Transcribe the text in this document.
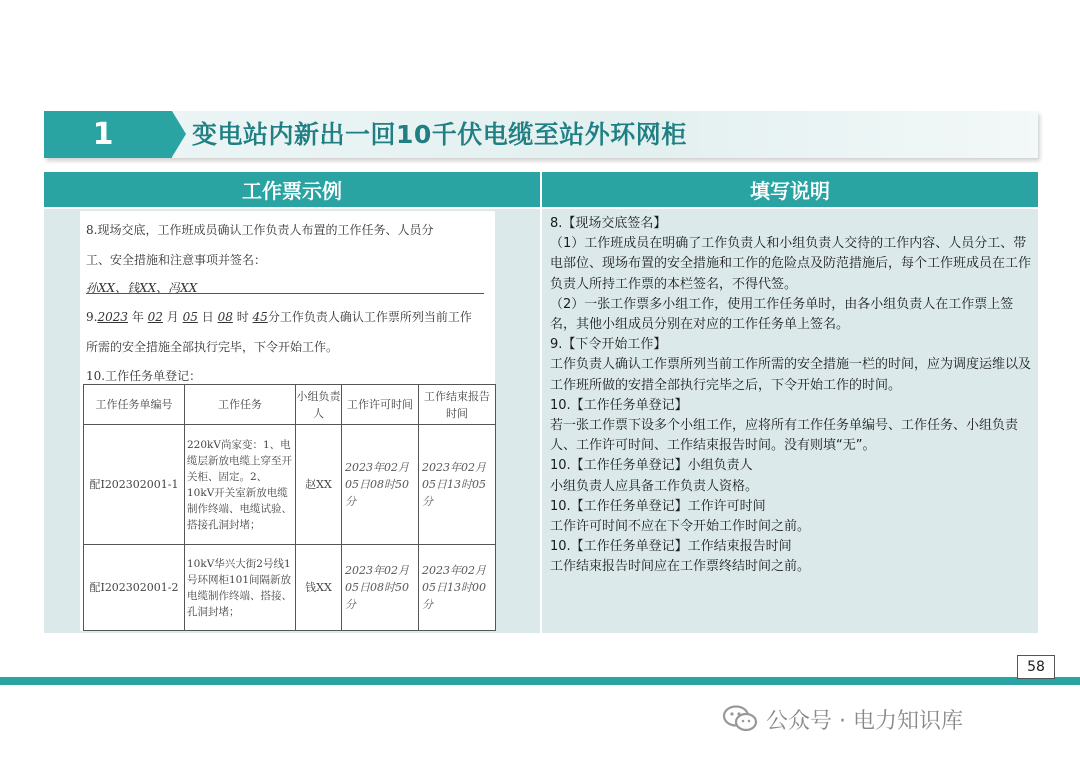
1	变电站内新出一回10千伏电缆至站外环网柜
工作票示例	填写说明
8.现场交底，工作班成员确认工作负责人布置的工作任务、人员分
工、安全措施和注意事项并签名：
孙XX、钱XX、冯XX
9.2023 年 02 月 05 日 08 时 45分工作负责人确认工作票所列当前工作
所需的安全措施全部执行完毕，下令开始工作。
10.工作任务单登记：
工作任务单编号	工作任务	小组负责人	工作许可时间	工作结束报告时间
配Ⅰ202302001-1	220kV尚家变：1、电缆层新放电缆上穿至开关柜、固定。2、10kV开关室新放电缆制作终端、电缆试验、搭接孔洞封堵；	赵XX	2023年02月05日08时50分	2023年02月05日13时05分
配Ⅰ202302001-2	10kV华兴大街2号线1号环网柜101间隔新放电缆制作终端、搭接、孔洞封堵；	钱XX	2023年02月05日08时50分	2023年02月05日13时00分

8.【现场交底签名】

（1）工作班成员在明确了工作负责人和小组负责人交待的工作内容、人员分工、带电部位、现场布置的安全措施和工作的危险点及防范措施后，每个工作班成员在工作负责人所持工作票的本栏签名，不得代签。

（2）一张工作票多小组工作，使用工作任务单时，由各小组负责人在工作票上签名，其他小组成员分别在对应的工作任务单上签名。

9.【下令开始工作】

工作负责人确认工作票所列当前工作所需的安全措施一栏的时间，应为调度运维以及工作班所做的安措全部执行完毕之后，下令开始工作的时间。

10.【工作任务单登记】

若一张工作票下设多个小组工作，应将所有工作任务单编号、工作任务、小组负责人、工作许可时间、工作结束报告时间。没有则填“无”。

10.【工作任务单登记】小组负责人

小组负责人应具备工作负责人资格。

10.【工作任务单登记】工作许可时间

工作许可时间不应在下令开始工作时间之前。

10.【工作任务单登记】工作结束报告时间

工作结束报告时间应在工作票终结时间之前。

58
公众号 · 电力知识库
